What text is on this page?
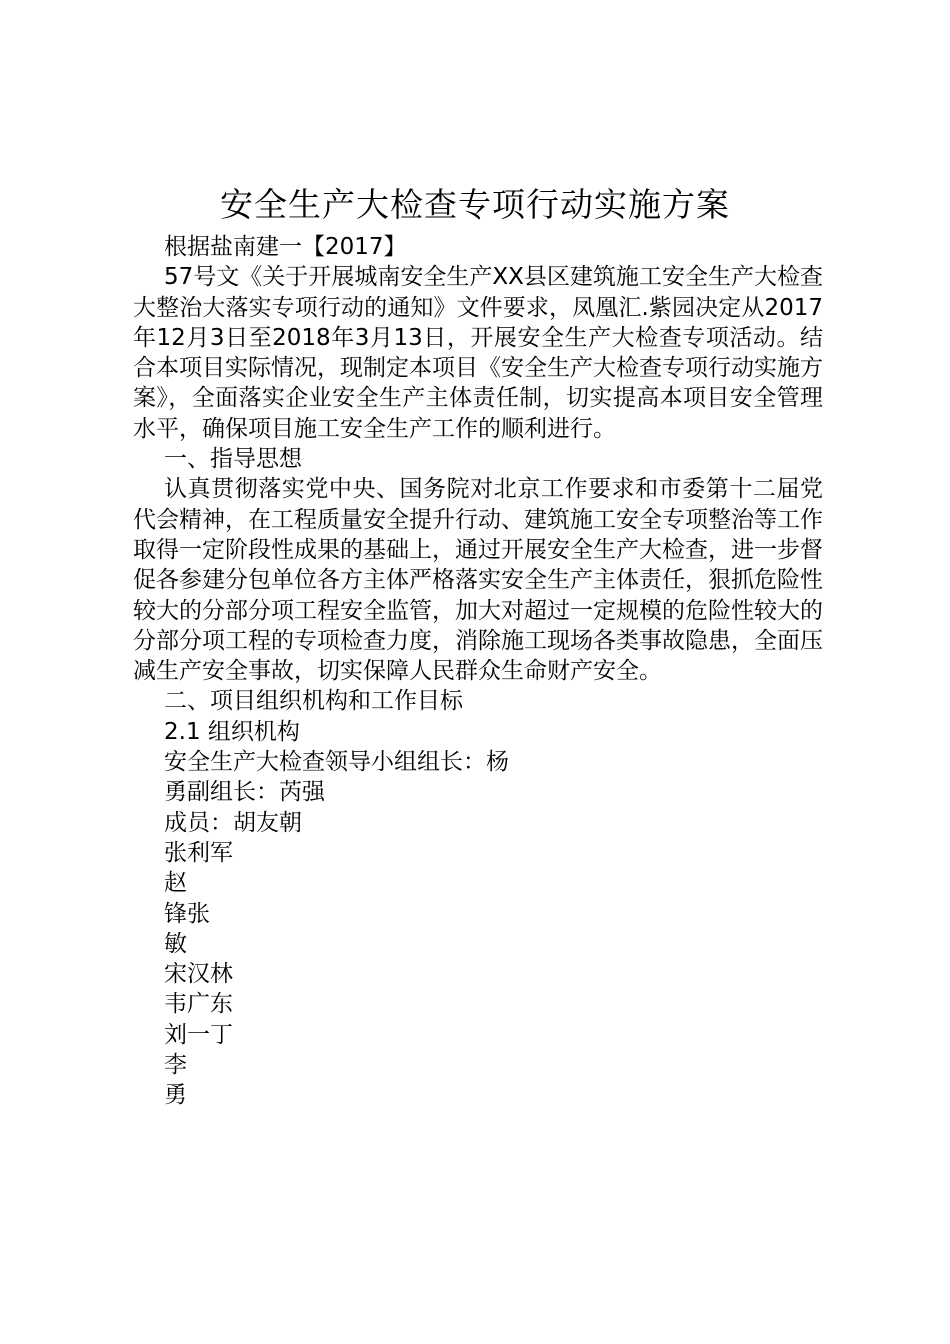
安全生产大检查专项行动实施方案

根据盐南建一【2017】

57号文《关于开展城南安全生产XX县区建筑施工安全生产大检查大整治大落实专项行动的通知》文件要求，凤凰汇.紫园决定从2017年12月3日至2018年3月13日，开展安全生产大检查专项活动。结合本项目实际情况，现制定本项目《安全生产大检查专项行动实施方案》，全面落实企业安全生产主体责任制，切实提高本项目安全管理水平，确保项目施工安全生产工作的顺利进行。

一、指导思想

认真贯彻落实党中央、国务院对北京工作要求和市委第十二届党代会精神，在工程质量安全提升行动、建筑施工安全专项整治等工作取得一定阶段性成果的基础上，通过开展安全生产大检查，进一步督促各参建分包单位各方主体严格落实安全生产主体责任，狠抓危险性较大的分部分项工程安全监管，加大对超过一定规模的危险性较大的分部分项工程的专项检查力度，消除施工现场各类事故隐患，全面压减生产安全事故，切实保障人民群众生命财产安全。

二、项目组织机构和工作目标

2.1 组织机构

安全生产大检查领导小组组长：杨

勇副组长：芮强

成员：胡友朝

张利军

赵

锋张

敏

宋汉林

韦广东

刘一丁

李

勇
